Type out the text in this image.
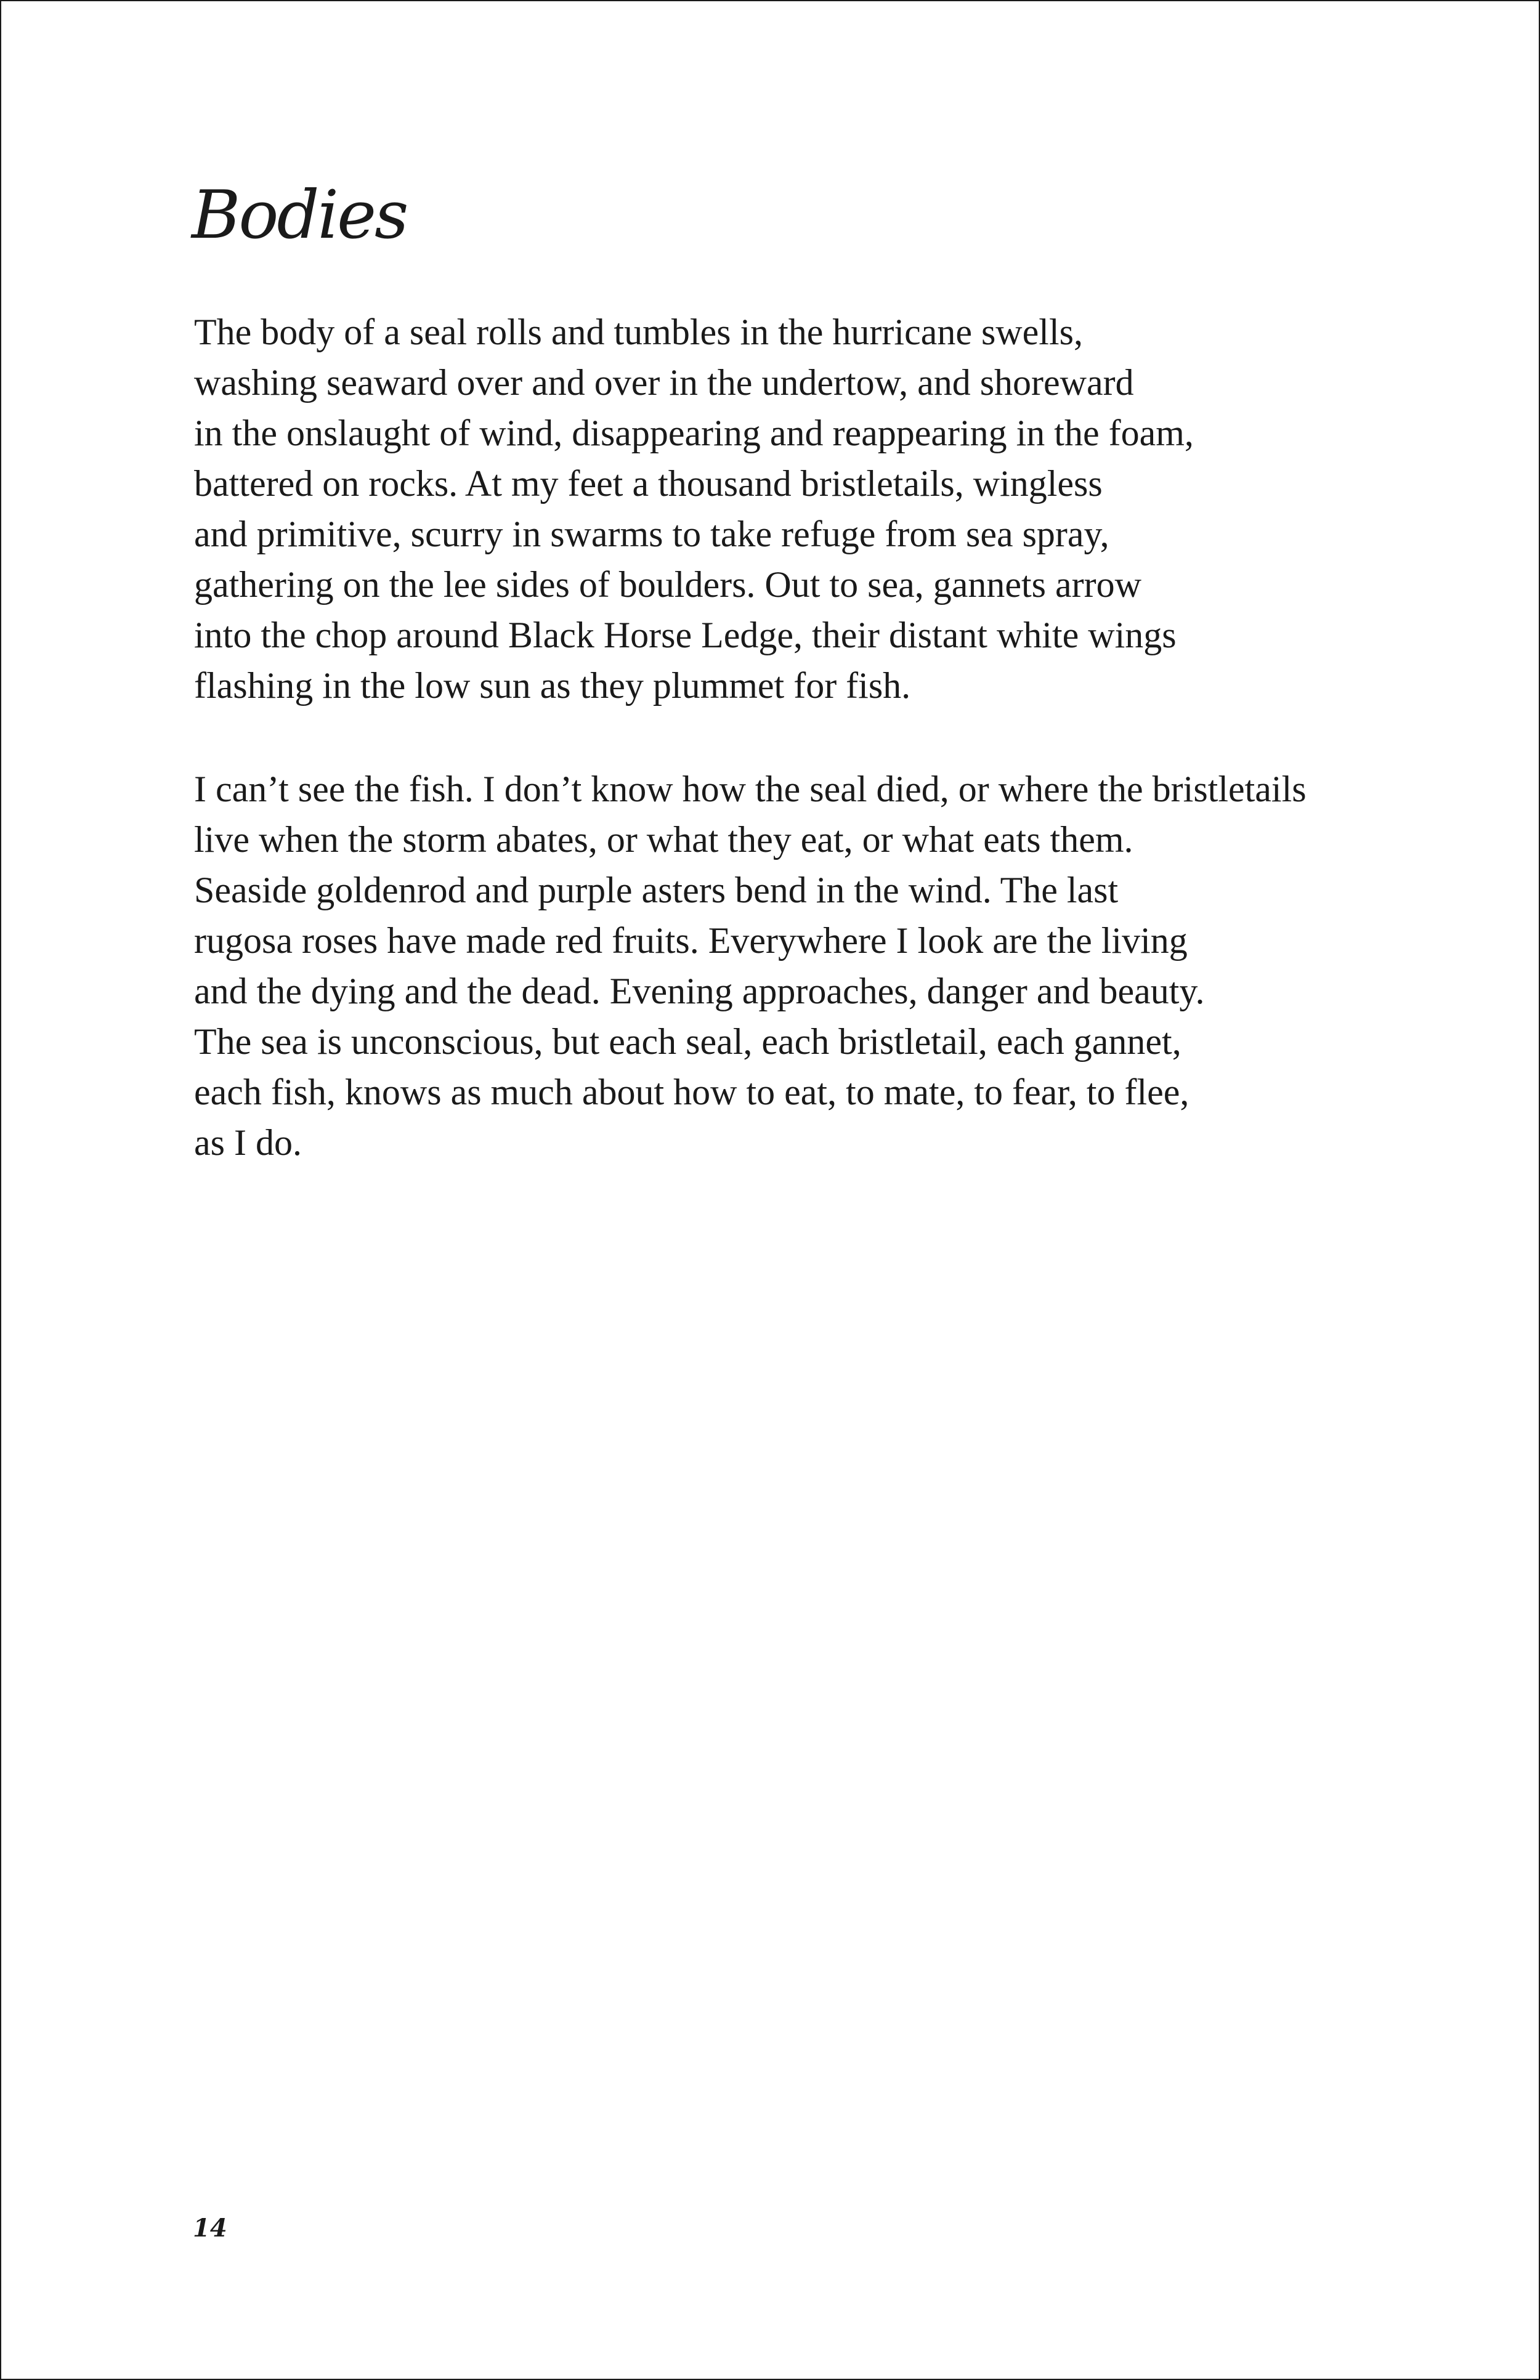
Bodies

The body of a seal rolls and tumbles in the hurricane swells,
washing seaward over and over in the undertow, and shoreward
in the onslaught of wind, disappearing and reappearing in the foam,
battered on rocks. At my feet a thousand bristletails, wingless
and primitive, scurry in swarms to take refuge from sea spray,
gathering on the lee sides of boulders. Out to sea, gannets arrow
into the chop around Black Horse Ledge, their distant white wings
flashing in the low sun as they plummet for fish.

I can’t see the fish. I don’t know how the seal died, or where the bristletails
live when the storm abates, or what they eat, or what eats them.
Seaside goldenrod and purple asters bend in the wind. The last
rugosa roses have made red fruits. Everywhere I look are the living
and the dying and the dead. Evening approaches, danger and beauty.
The sea is unconscious, but each seal, each bristletail, each gannet,
each fish, knows as much about how to eat, to mate, to fear, to flee,
as I do.

14
